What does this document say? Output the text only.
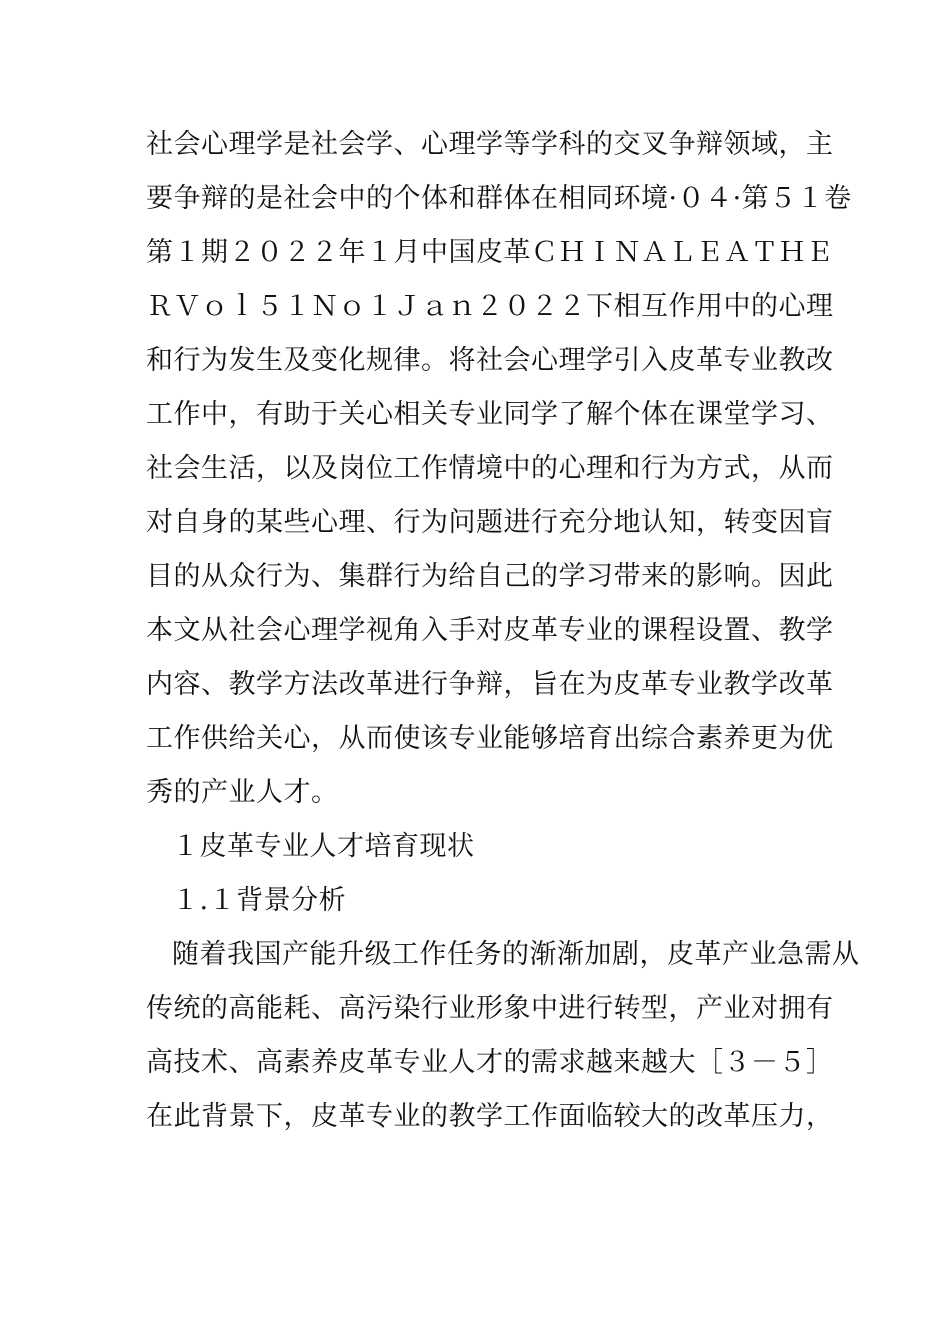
社会心理学是社会学、心理学等学科的交叉争辩领域，主
要争辩的是社会中的个体和群体在相同环境·０４·第５１卷
第１期２０２２年１月中国皮革ＣＨＩＮＡＬＥＡＴＨＥ
ＲＶｏｌ５１Ｎｏ１Ｊａｎ２０２２下相互作用中的心理
和行为发生及变化规律。将社会心理学引入皮革专业教改
工作中，有助于关心相关专业同学了解个体在课堂学习、
社会生活，以及岗位工作情境中的心理和行为方式，从而
对自身的某些心理、行为问题进行充分地认知，转变因盲
目的从众行为、集群行为给自己的学习带来的影响。因此
本文从社会心理学视角入手对皮革专业的课程设置、教学
内容、教学方法改革进行争辩，旨在为皮革专业教学改革
工作供给关心，从而使该专业能够培育出综合素养更为优
秀的产业人才。
１皮革专业人才培育现状
１.１背景分析
随着我国产能升级工作任务的渐渐加剧，皮革产业急需从
传统的高能耗、高污染行业形象中进行转型，产业对拥有
高技术、高素养皮革专业人才的需求越来越大［３－５］
在此背景下，皮革专业的教学工作面临较大的改革压力，
